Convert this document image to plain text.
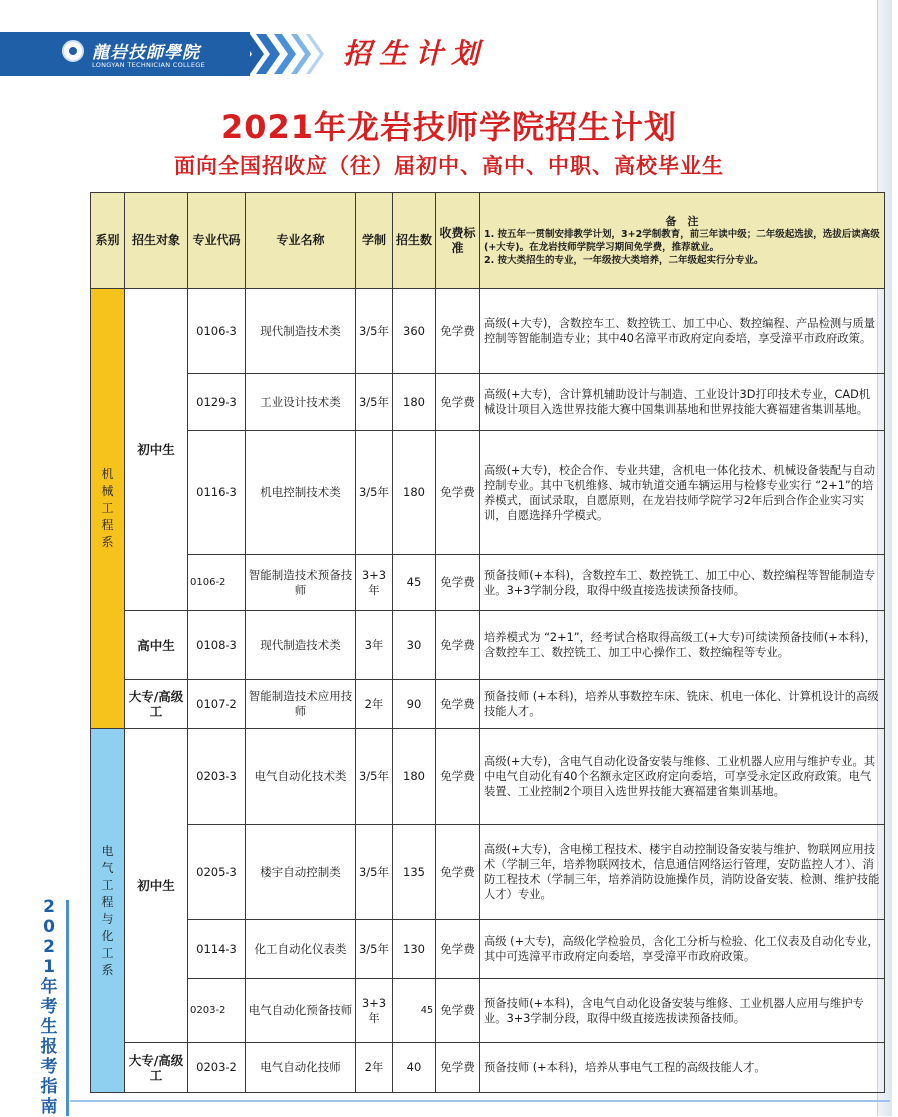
龍岩技師學院
LONGYAN TECHNICIAN COLLEGE	招生计划
2021年龙岩技师学院招生计划
面向全国招收应（往）届初中、高中、中职、高校毕业生
2021年考生报考指南
系别	招生对象	专业代码	专业名称	学制	招生数	收费标准	备　注
1. 按五年一贯制安排教学计划，3+2学制教育，前三年读中级；二年级起选拔，选拔后读高级(+大专)。在龙岩技师学院学习期间免学费，推荐就业。
2. 按大类招生的专业，一年级按大类培养，二年级起实行分专业。

机械工程系	初中生	0106-3	现代制造技术类	3/5年	360	免学费	高级(+大专)，含数控车工、数控铣工、加工中心、数控编程、产品检测与质量控制等智能制造专业；其中40名漳平市政府定向委培，享受漳平市政府政策。
		0129-3	工业设计技术类	3/5年	180	免学费	高级(+大专)，含计算机辅助设计与制造、工业设计3D打印技术专业，CAD机械设计项目入选世界技能大赛中国集训基地和世界技能大赛福建省集训基地。
		0116-3	机电控制技术类	3/5年	180	免学费	高级(+大专)，校企合作、专业共建，含机电一体化技术、机械设备装配与自动控制专业。其中飞机维修、城市轨道交通车辆运用与检修专业实行 “2+1”的培养模式，面试录取，自愿原则，在龙岩技师学院学习2年后到合作企业实习实训，自愿选择升学模式。
		0106-2	智能制造技术预备技师	3+3年	45	免学费	预备技师(+本科)，含数控车工、数控铣工、加工中心、数控编程等智能制造专业。3+3学制分段，取得中级直接选拔读预备技师。
	高中生	0108-3	现代制造技术类	3年	30	免学费	培养模式为 “2+1”，经考试合格取得高级工(+大专)可续读预备技师(+本科)，含数控车工、数控铣工、加工中心操作工、数控编程等专业。
	大专/高级工	0107-2	智能制造技术应用技师	2年	90	免学费	预备技师 (+本科)，培养从事数控车床、铣床、机电一体化、计算机设计的高级技能人才。

电气工程与化工系	初中生	0203-3	电气自动化技术类	3/5年	180	免学费	高级(+大专)，含电气自动化设备安装与维修、工业机器人应用与维护专业。其中电气自动化有40个名额永定区政府定向委培，可享受永定区政府政策。电气装置、工业控制2个项目入选世界技能大赛福建省集训基地。
		0205-3	楼宇自动控制类	3/5年	135	免学费	高级(+大专)，含电梯工程技术、楼宇自动控制设备安装与维护、物联网应用技术（学制三年，培养物联网技术，信息通信网络运行管理，安防监控人才）、消防工程技术（学制三年，培养消防设施操作员，消防设备安装、检测、维护技能人才）专业。
		0114-3	化工自动化仪表类	3/5年	130	免学费	高级 (+大专)，高级化学检验员，含化工分析与检验、化工仪表及自动化专业，其中可选漳平市政府定向委培，享受漳平市政府政策。
		0203-2	电气自动化预备技师	3+3年	45	免学费	预备技师(+本科)，含电气自动化设备安装与维修、工业机器人应用与维护专业。3+3学制分段，取得中级直接选拔读预备技师。
	大专/高级工	0203-2	电气自动化技师	2年	40	免学费	预备技师 (+本科)，培养从事电气工程的高级技能人才。
